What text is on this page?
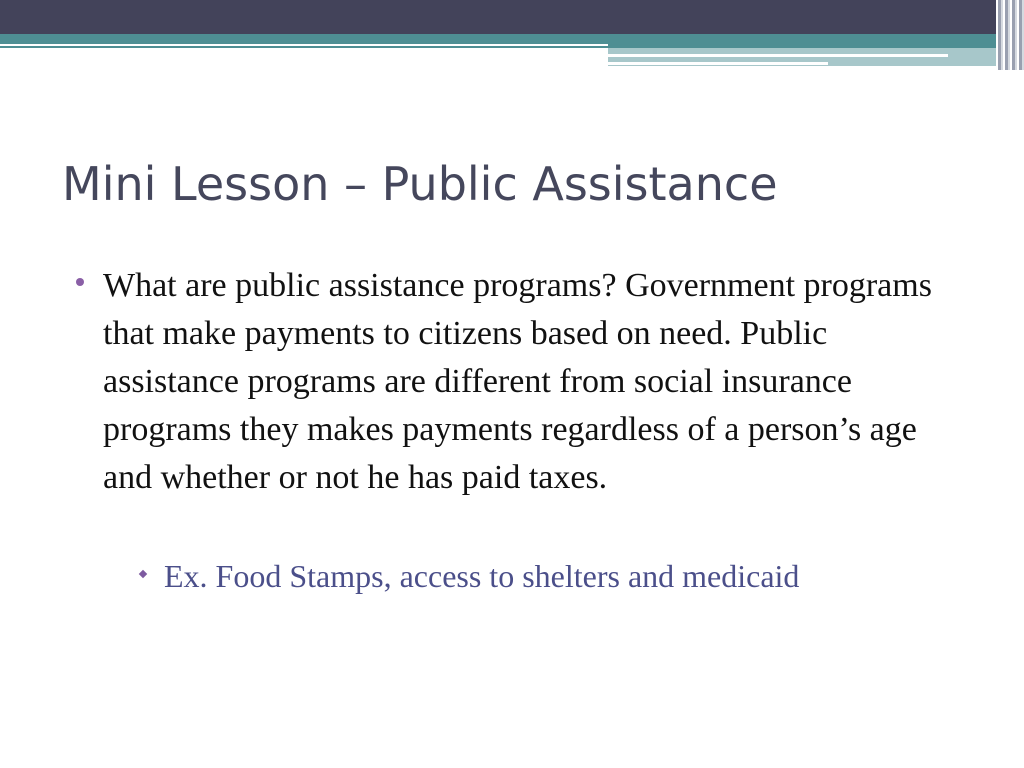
Mini Lesson – Public Assistance
What are public assistance programs? Government programs that make payments to citizens based on need. Public assistance programs are different from social insurance programs they makes payments regardless of a person’s age and whether or not he has paid taxes.
Ex. Food Stamps, access to shelters and medicaid
